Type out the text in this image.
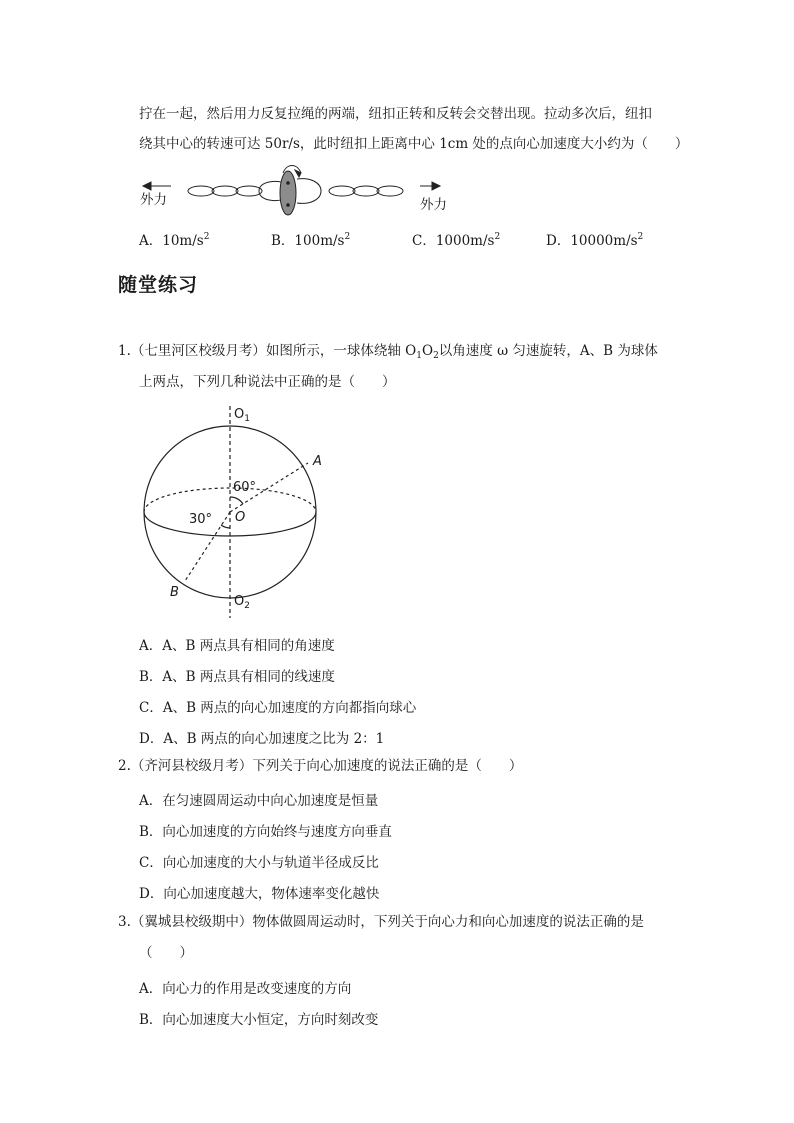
拧在一起，然后用力反复拉绳的两端，纽扣正转和反转会交替出现。拉动多次后，纽扣
绕其中心的转速可达 50r/s，此时纽扣上距离中心 1cm 处的点向心加速度大小约为（　　）
外力	外力
A．$10m/s^2$	B．$100m/s^2$	C．$1000m/s^2$	D．$10000m/s^2$
随堂练习
1.（七里河区校级月考）如图所示，一球体绕轴 $O_1O_2$以角速度 ω 匀速旋转，A、B 为球体
上两点，下列几种说法中正确的是（　　）
$O_1$
A
60°
O
30°
B
$O_2$
A．A、B 两点具有相同的角速度
B．A、B 两点具有相同的线速度
C．A、B 两点的向心加速度的方向都指向球心
D．A、B 两点的向心加速度之比为 2：1
2.（齐河县校级月考）下列关于向心加速度的说法正确的是（　　）
A．在匀速圆周运动中向心加速度是恒量
B．向心加速度的方向始终与速度方向垂直
C．向心加速度的大小与轨道半径成反比
D．向心加速度越大，物体速率变化越快
3.（翼城县校级期中）物体做圆周运动时，下列关于向心力和向心加速度的说法正确的是
（　　）
A．向心力的作用是改变速度的方向
B．向心加速度大小恒定，方向时刻改变
